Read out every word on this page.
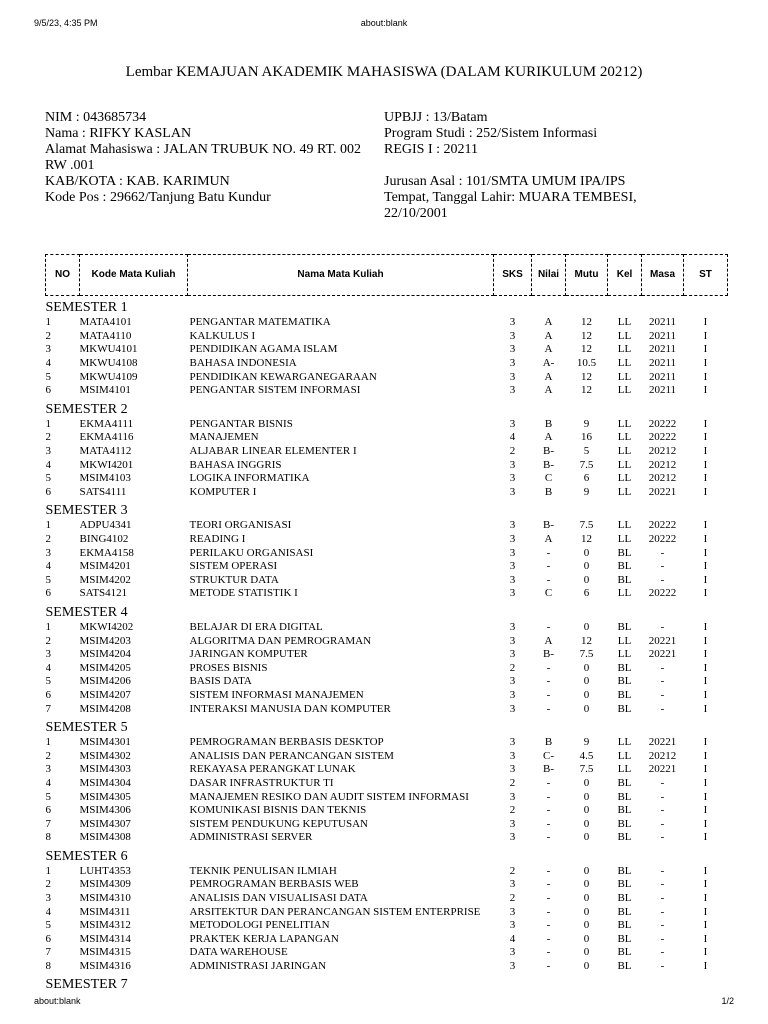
9/5/23, 4:35 PM	about:blank
Lembar KEMAJUAN AKADEMIK MAHASISWA (DALAM KURIKULUM 20212)
NIM : 043685734
Nama : RIFKY KASLAN
Alamat Mahasiswa : JALAN TRUBUK NO. 49 RT. 002 RW .001
KAB/KOTA : KAB. KARIMUN
Kode Pos : 29662/Tanjung Batu Kundur
UPBJJ : 13/Batam
Program Studi : 252/Sistem Informasi
REGIS I : 20211
Jurusan Asal : 101/SMTA UMUM IPA/IPS
Tempat, Tanggal Lahir: MUARA TEMBESI, 22/10/2001
NO	Kode Mata Kuliah	Nama Mata Kuliah	SKS	Nilai	Mutu	Kel	Masa	ST
SEMESTER 1								
1	MATA4101	PENGANTAR MATEMATIKA	3	A	12	LL	20211	I
2	MATA4110	KALKULUS I	3	A	12	LL	20211	I
3	MKWU4101	PENDIDIKAN AGAMA ISLAM	3	A	12	LL	20211	I
4	MKWU4108	BAHASA INDONESIA	3	A-	10.5	LL	20211	I
5	MKWU4109	PENDIDIKAN KEWARGANEGARAAN	3	A	12	LL	20211	I
6	MSIM4101	PENGANTAR SISTEM INFORMASI	3	A	12	LL	20211	I
SEMESTER 2								
1	EKMA4111	PENGANTAR BISNIS	3	B	9	LL	20222	I
2	EKMA4116	MANAJEMEN	4	A	16	LL	20222	I
3	MATA4112	ALJABAR LINEAR ELEMENTER I	2	B-	5	LL	20212	I
4	MKWI4201	BAHASA INGGRIS	3	B-	7.5	LL	20212	I
5	MSIM4103	LOGIKA INFORMATIKA	3	C	6	LL	20212	I
6	SATS4111	KOMPUTER I	3	B	9	LL	20221	I
SEMESTER 3								
1	ADPU4341	TEORI ORGANISASI	3	B-	7.5	LL	20222	I
2	BING4102	READING I	3	A	12	LL	20222	I
3	EKMA4158	PERILAKU ORGANISASI	3	-	0	BL	-	I
4	MSIM4201	SISTEM OPERASI	3	-	0	BL	-	I
5	MSIM4202	STRUKTUR DATA	3	-	0	BL	-	I
6	SATS4121	METODE STATISTIK I	3	C	6	LL	20222	I
SEMESTER 4								
1	MKWI4202	BELAJAR DI ERA DIGITAL	3	-	0	BL	-	I
2	MSIM4203	ALGORITMA DAN PEMROGRAMAN	3	A	12	LL	20221	I
3	MSIM4204	JARINGAN KOMPUTER	3	B-	7.5	LL	20221	I
4	MSIM4205	PROSES BISNIS	2	-	0	BL	-	I
5	MSIM4206	BASIS DATA	3	-	0	BL	-	I
6	MSIM4207	SISTEM INFORMASI MANAJEMEN	3	-	0	BL	-	I
7	MSIM4208	INTERAKSI MANUSIA DAN KOMPUTER	3	-	0	BL	-	I
SEMESTER 5								
1	MSIM4301	PEMROGRAMAN BERBASIS DESKTOP	3	B	9	LL	20221	I
2	MSIM4302	ANALISIS DAN PERANCANGAN SISTEM	3	C-	4.5	LL	20212	I
3	MSIM4303	REKAYASA PERANGKAT LUNAK	3	B-	7.5	LL	20221	I
4	MSIM4304	DASAR INFRASTRUKTUR TI	2	-	0	BL	-	I
5	MSIM4305	MANAJEMEN RESIKO DAN AUDIT SISTEM INFORMASI	3	-	0	BL	-	I
6	MSIM4306	KOMUNIKASI BISNIS DAN TEKNIS	2	-	0	BL	-	I
7	MSIM4307	SISTEM PENDUKUNG KEPUTUSAN	3	-	0	BL	-	I
8	MSIM4308	ADMINISTRASI SERVER	3	-	0	BL	-	I
SEMESTER 6								
1	LUHT4353	TEKNIK PENULISAN ILMIAH	2	-	0	BL	-	I
2	MSIM4309	PEMROGRAMAN BERBASIS WEB	3	-	0	BL	-	I
3	MSIM4310	ANALISIS DAN VISUALISASI DATA	2	-	0	BL	-	I
4	MSIM4311	ARSITEKTUR DAN PERANCANGAN SISTEM ENTERPRISE	3	-	0	BL	-	I
5	MSIM4312	METODOLOGI PENELITIAN	3	-	0	BL	-	I
6	MSIM4314	PRAKTEK KERJA LAPANGAN	4	-	0	BL	-	I
7	MSIM4315	DATA WAREHOUSE	3	-	0	BL	-	I
8	MSIM4316	ADMINISTRASI JARINGAN	3	-	0	BL	-	I
SEMESTER 7								
about:blank	1/2
